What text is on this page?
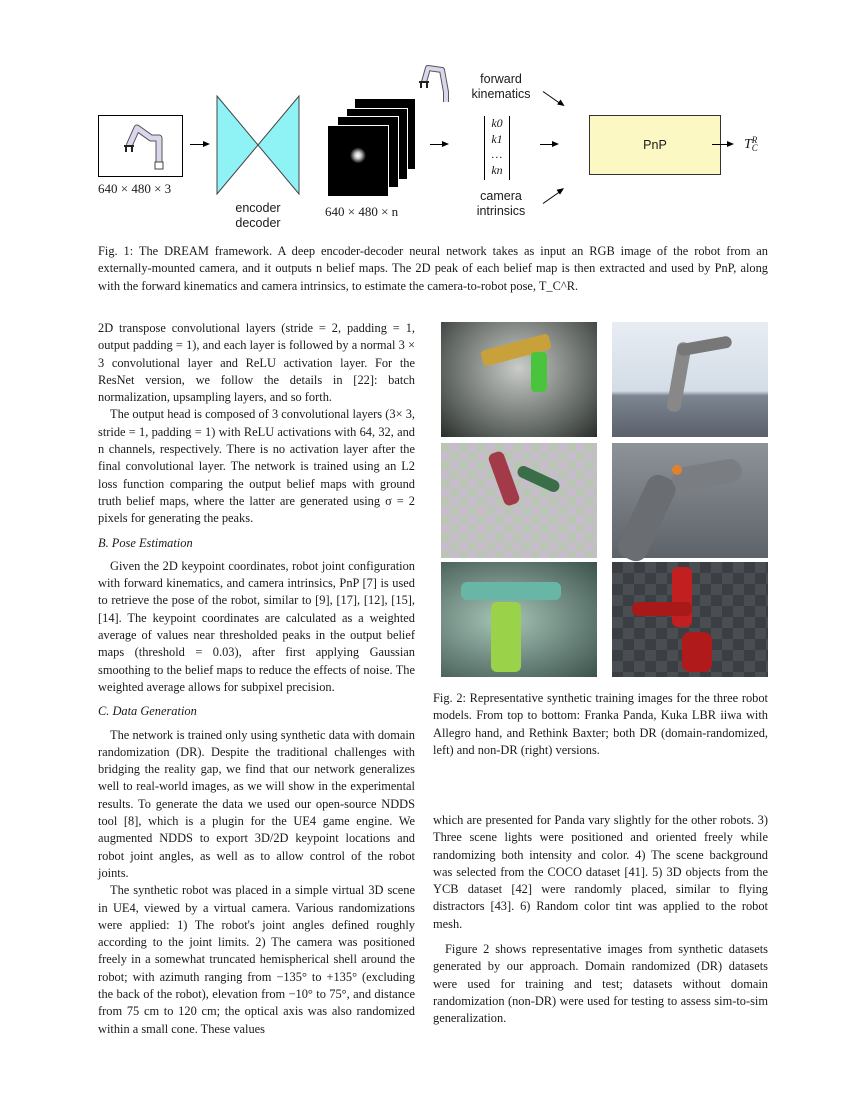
640 × 480 × 3
encoder
decoder
640 × 480 × n
forward
kinematics
k0
k1
…
kn
camera
intrinsics
PnP	T R
C
Fig. 1: The DREAM framework. A deep encoder-decoder neural network takes as input an RGB image of the robot from an externally-mounted camera, and it outputs n belief maps. The 2D peak of each belief map is then extracted and used by PnP, along with the forward kinematics and camera intrinsics, to estimate the camera-to-robot pose, T_C^R.

2D transpose convolutional layers (stride = 2, padding = 1, output padding = 1), and each layer is followed by a normal 3 × 3 convolutional layer and ReLU activation layer. For the ResNet version, we follow the details in [22]: batch normalization, upsampling layers, and so forth.

The output head is composed of 3 convolutional layers (3× 3, stride = 1, padding = 1) with ReLU activations with 64, 32, and n channels, respectively. There is no activation layer after the final convolutional layer. The network is trained using an L2 loss function comparing the output belief maps with ground truth belief maps, where the latter are generated using σ = 2 pixels for generating the peaks.

B. Pose Estimation

Given the 2D keypoint coordinates, robot joint configuration with forward kinematics, and camera intrinsics, PnP [7] is used to retrieve the pose of the robot, similar to [9], [17], [12], [15], [14]. The keypoint coordinates are calculated as a weighted average of values near thresholded peaks in the output belief maps (threshold = 0.03), after first applying Gaussian smoothing to the belief maps to reduce the effects of noise. The weighted average allows for subpixel precision.

C. Data Generation

The network is trained only using synthetic data with domain randomization (DR). Despite the traditional challenges with bridging the reality gap, we find that our network generalizes well to real-world images, as we will show in the experimental results. To generate the data we used our open-source NDDS tool [8], which is a plugin for the UE4 game engine. We augmented NDDS to export 3D/2D keypoint locations and robot joint angles, as well as to allow control of the robot joints.

The synthetic robot was placed in a simple virtual 3D scene in UE4, viewed by a virtual camera. Various randomizations were applied: 1) The robot's joint angles defined roughly according to the joint limits. 2) The camera was positioned freely in a somewhat truncated hemispherical shell around the robot; with azimuth ranging from −135° to +135° (excluding the back of the robot), elevation from −10° to 75°, and distance from 75 cm to 120 cm; the optical axis was also randomized within a small cone. These values

Fig. 2: Representative synthetic training images for the three robot models. From top to bottom: Franka Panda, Kuka LBR iiwa with Allegro hand, and Rethink Baxter; both DR (domain-randomized, left) and non-DR (right) versions.

which are presented for Panda vary slightly for the other robots. 3) Three scene lights were positioned and oriented freely while randomizing both intensity and color. 4) The scene background was selected from the COCO dataset [41]. 5) 3D objects from the YCB dataset [42] were randomly placed, similar to flying distractors [43]. 6) Random color tint was applied to the robot mesh.

Figure 2 shows representative images from synthetic datasets generated by our approach. Domain randomized (DR) datasets were used for training and test; datasets without domain randomization (non-DR) were used for testing to assess sim-to-sim generalization.
